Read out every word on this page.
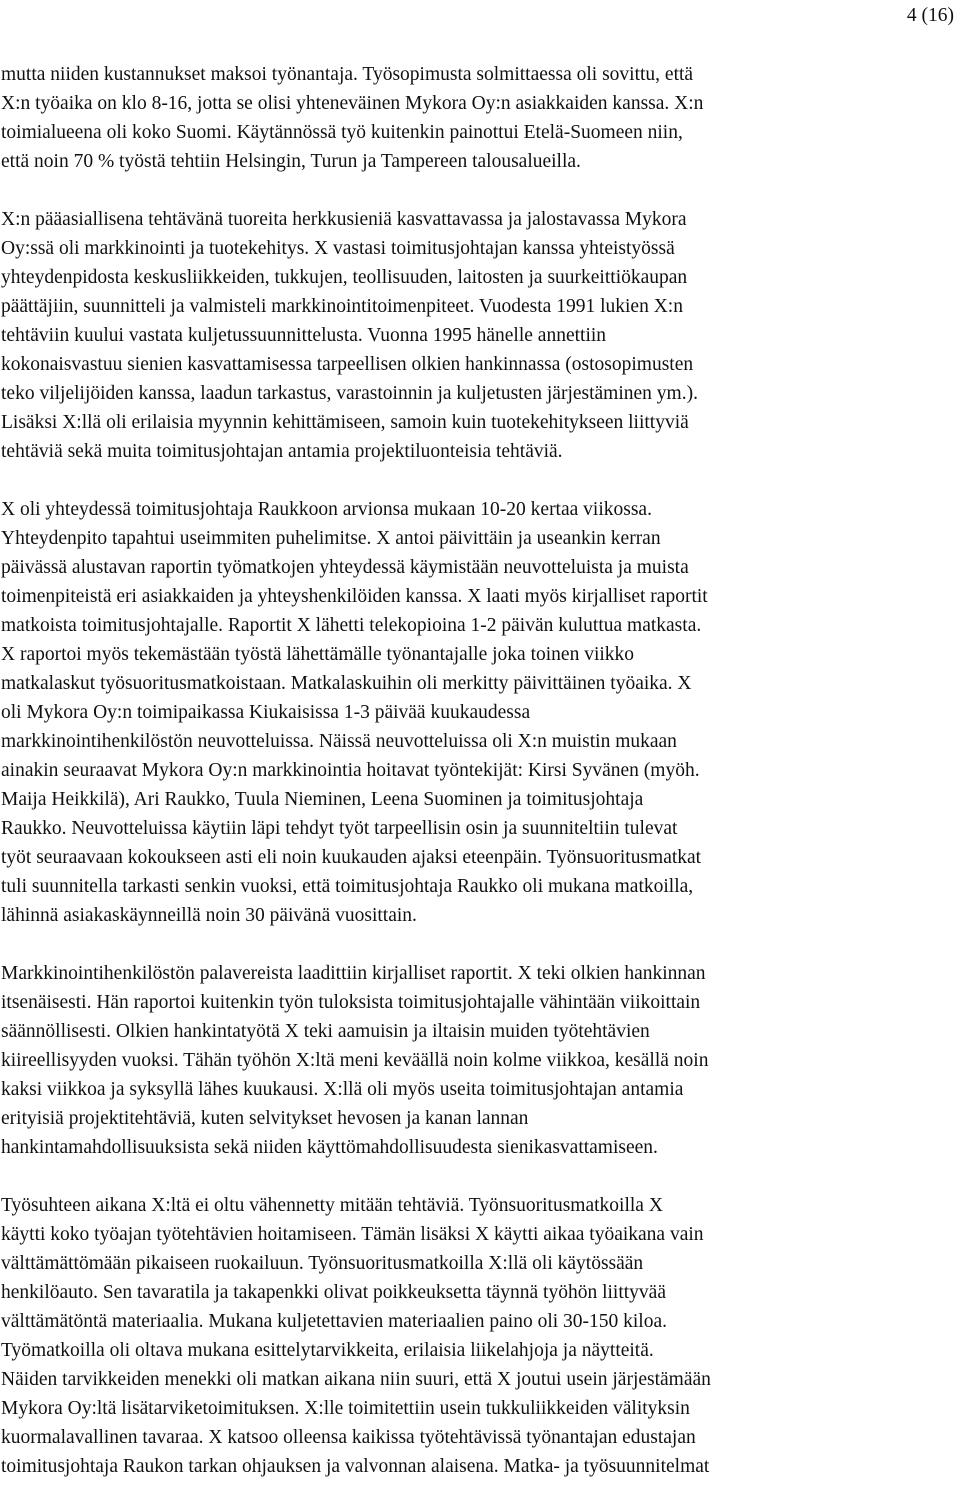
4 (16)

mutta niiden kustannukset maksoi työnantaja. Työsopimusta solmittaessa oli sovittu, että
X:n työaika on klo 8-16, jotta se olisi yhteneväinen Mykora Oy:n asiakkaiden kanssa. X:n
toimialueena oli koko Suomi. Käytännössä työ kuitenkin painottui Etelä-Suomeen niin,
että noin 70 % työstä tehtiin Helsingin, Turun ja Tampereen talousalueilla.

X:n pääasiallisena tehtävänä tuoreita herkkusieniä kasvattavassa ja jalostavassa Mykora
Oy:ssä oli markkinointi ja tuotekehitys. X vastasi toimitusjohtajan kanssa yhteistyössä
yhteydenpidosta keskusliikkeiden, tukkujen, teollisuuden, laitosten ja suurkeittiökaupan
päättäjiin, suunnitteli ja valmisteli markkinointitoimenpiteet. Vuodesta 1991 lukien X:n
tehtäviin kuului vastata kuljetussuunnittelusta. Vuonna 1995 hänelle annettiin
kokonaisvastuu sienien kasvattamisessa tarpeellisen olkien hankinnassa (ostosopimusten
teko viljelijöiden kanssa, laadun tarkastus, varastoinnin ja kuljetusten järjestäminen ym.).
Lisäksi X:llä oli erilaisia myynnin kehittämiseen, samoin kuin tuotekehitykseen liittyviä
tehtäviä sekä muita toimitusjohtajan antamia projektiluonteisia tehtäviä.

X oli yhteydessä toimitusjohtaja Raukkoon arvionsa mukaan 10-20 kertaa viikossa.
Yhteydenpito tapahtui useimmiten puhelimitse. X antoi päivittäin ja useankin kerran
päivässä alustavan raportin työmatkojen yhteydessä käymistään neuvotteluista ja muista
toimenpiteistä eri asiakkaiden ja yhteyshenkilöiden kanssa. X laati myös kirjalliset raportit
matkoista toimitusjohtajalle. Raportit X lähetti telekopioina 1-2 päivän kuluttua matkasta.
X raportoi myös tekemästään työstä lähettämälle työnantajalle joka toinen viikko
matkalaskut työsuoritusmatkoistaan. Matkalaskuihin oli merkitty päivittäinen työaika. X
oli Mykora Oy:n toimipaikassa Kiukaisissa 1-3 päivää kuukaudessa
markkinointihenkilöstön neuvotteluissa. Näissä neuvotteluissa oli X:n muistin mukaan
ainakin seuraavat Mykora Oy:n markkinointia hoitavat työntekijät: Kirsi Syvänen (myöh.
Maija Heikkilä), Ari Raukko, Tuula Nieminen, Leena Suominen ja toimitusjohtaja
Raukko. Neuvotteluissa käytiin läpi tehdyt työt tarpeellisin osin ja suunniteltiin tulevat
työt seuraavaan kokoukseen asti eli noin kuukauden ajaksi eteenpäin. Työnsuoritusmatkat
tuli suunnitella tarkasti senkin vuoksi, että toimitusjohtaja Raukko oli mukana matkoilla,
lähinnä asiakaskäynneillä noin 30 päivänä vuosittain.

Markkinointihenkilöstön palavereista laadittiin kirjalliset raportit. X teki olkien hankinnan
itsenäisesti. Hän raportoi kuitenkin työn tuloksista toimitusjohtajalle vähintään viikoittain
säännöllisesti. Olkien hankintatyötä X teki aamuisin ja iltaisin muiden työtehtävien
kiireellisyyden vuoksi. Tähän työhön X:ltä meni keväällä noin kolme viikkoa, kesällä noin
kaksi viikkoa ja syksyllä lähes kuukausi. X:llä oli myös useita toimitusjohtajan antamia
erityisiä projektitehtäviä, kuten selvitykset hevosen ja kanan lannan
hankintamahdollisuuksista sekä niiden käyttömahdollisuudesta sienikasvattamiseen.

Työsuhteen aikana X:ltä ei oltu vähennetty mitään tehtäviä. Työnsuoritusmatkoilla X
käytti koko työajan työtehtävien hoitamiseen. Tämän lisäksi X käytti aikaa työaikana vain
välttämättömään pikaiseen ruokailuun. Työnsuoritusmatkoilla X:llä oli käytössään
henkilöauto. Sen tavaratila ja takapenkki olivat poikkeuksetta täynnä työhön liittyvää
välttämätöntä materiaalia. Mukana kuljetettavien materiaalien paino oli 30-150 kiloa.
Työmatkoilla oli oltava mukana esittelytarvikkeita, erilaisia liikelahjoja ja näytteitä.
Näiden tarvikkeiden menekki oli matkan aikana niin suuri, että X joutui usein järjestämään
Mykora Oy:ltä lisätarviketoimituksen. X:lle toimitettiin usein tukkuliikkeiden välityksin
kuormalavallinen tavaraa. X katsoo olleensa kaikissa työtehtävissä työnantajan edustajan
toimitusjohtaja Raukon tarkan ohjauksen ja valvonnan alaisena. Matka- ja työsuunnitelmat
